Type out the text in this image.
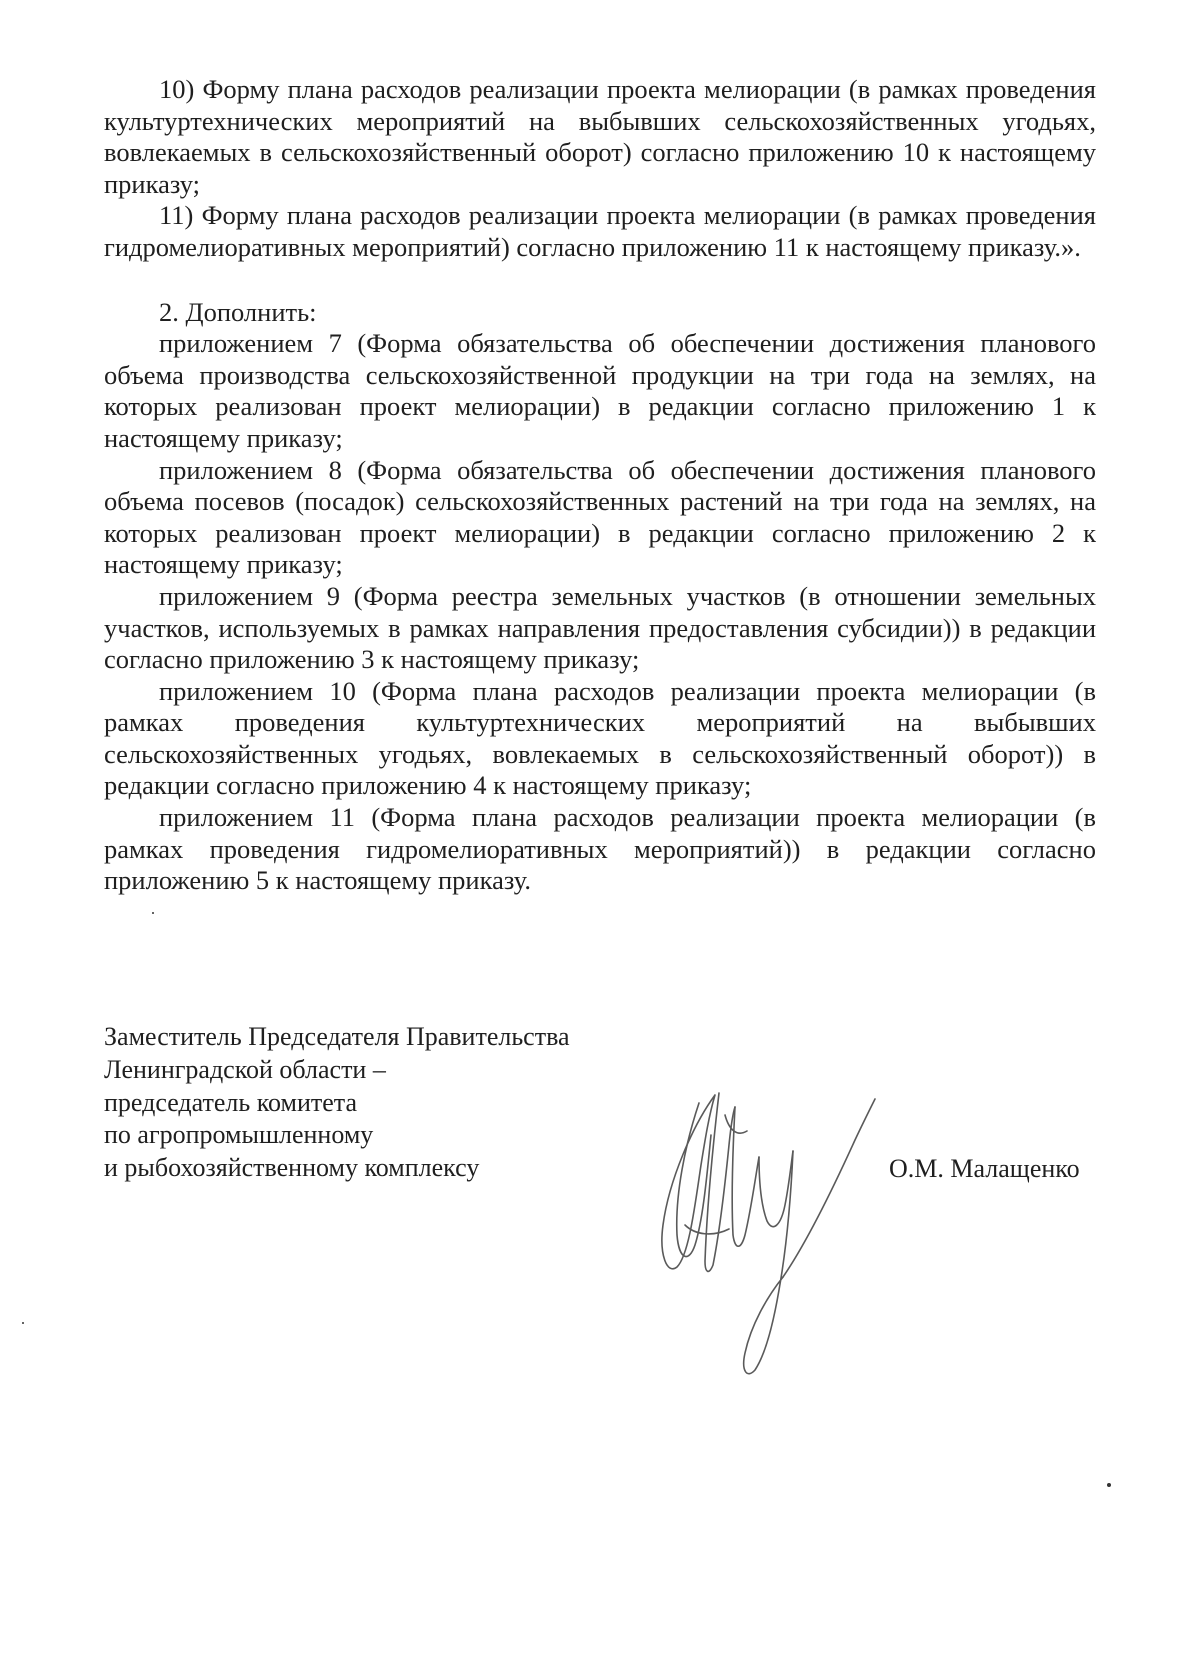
10) Форму плана расходов реализации проекта мелиорации (в рамках проведения культуртехнических мероприятий на выбывших сельскохозяйственных угодьях, вовлекаемых в сельскохозяйственный оборот) согласно приложению 10 к настоящему приказу;

11) Форму плана расходов реализации проекта мелиорации (в рамках проведения гидромелиоративных мероприятий) согласно приложению 11 к настоящему приказу.».

2. Дополнить:

приложением 7 (Форма обязательства об обеспечении достижения планового объема производства сельскохозяйственной продукции на три года на землях, на которых реализован проект мелиорации) в редакции согласно приложению 1 к настоящему приказу;

приложением 8 (Форма обязательства об обеспечении достижения планового объема посевов (посадок) сельскохозяйственных растений на три года на землях, на которых реализован проект мелиорации) в редакции согласно приложению 2 к настоящему приказу;

приложением 9 (Форма реестра земельных участков (в отношении земельных участков, используемых в рамках направления предоставления субсидии)) в редакции согласно приложению 3 к настоящему приказу;

приложением 10 (Форма плана расходов реализации проекта мелиорации (в рамках проведения культуртехнических мероприятий на выбывших сельскохозяйственных угодьях, вовлекаемых в сельскохозяйственный оборот)) в редакции согласно приложению 4 к настоящему приказу;

приложением 11 (Форма плана расходов реализации проекта мелиорации (в рамках проведения гидромелиоративных мероприятий)) в редакции согласно приложению 5 к настоящему приказу.

Заместитель Председателя Правительства
Ленинградской области –
председатель комитета
по агропромышленному
и рыбохозяйственному комплексу	О.М. Малащенко
